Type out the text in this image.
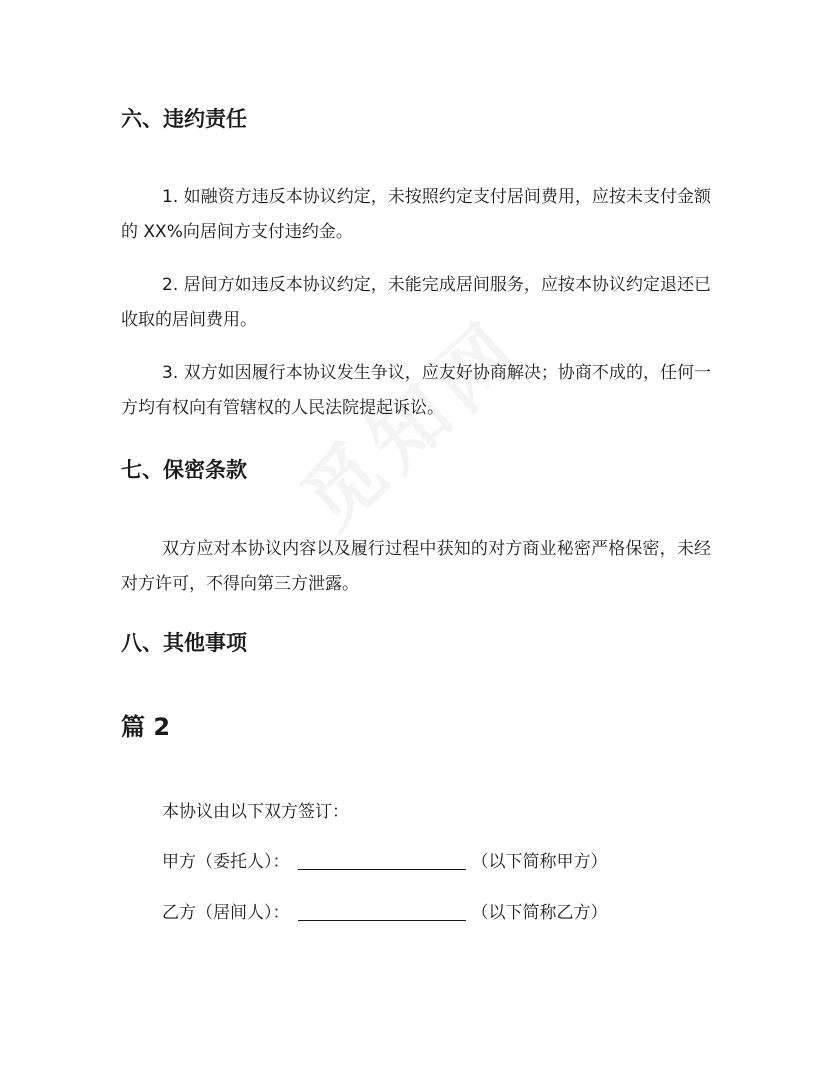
六、违约责任

1. 如融资方违反本协议约定，未按照约定支付居间费用，应按未支付金额的 XX%向居间方支付违约金。

2. 居间方如违反本协议约定，未能完成居间服务，应按本协议约定退还已收取的居间费用。

3. 双方如因履行本协议发生争议，应友好协商解决；协商不成的，任何一方均有权向有管辖权的人民法院提起诉讼。

七、保密条款

双方应对本协议内容以及履行过程中获知的对方商业秘密严格保密，未经对方许可，不得向第三方泄露。

八、其他事项
篇 2

本协议由以下双方签订：

甲方（委托人）：	（以下简称甲方）

乙方（居间人）：	（以下简称乙方）
